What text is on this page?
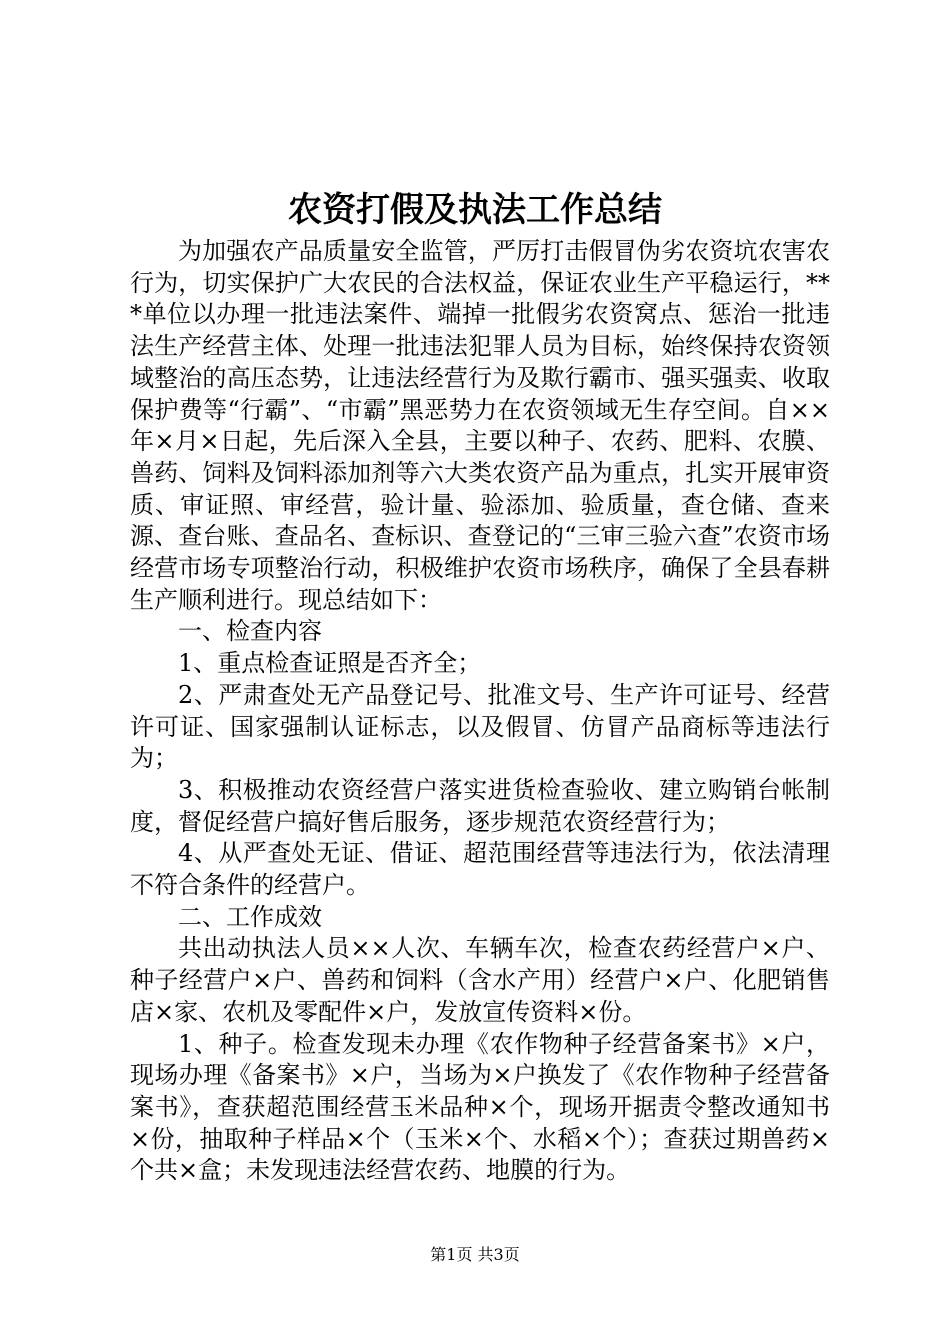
农资打假及执法工作总结

为加强农产品质量安全监管，严厉打击假冒伪劣农资坑农害农行为，切实保护广大农民的合法权益，保证农业生产平稳运行，***单位以办理一批违法案件、端掉一批假劣农资窝点、惩治一批违法生产经营主体、处理一批违法犯罪人员为目标，始终保持农资领域整治的高压态势，让违法经营行为及欺行霸市、强买强卖、收取保护费等“行霸”、“市霸”黑恶势力在农资领域无生存空间。自××年×月×日起，先后深入全县，主要以种子、农药、肥料、农膜、兽药、饲料及饲料添加剂等六大类农资产品为重点，扎实开展审资质、审证照、审经营，验计量、验添加、验质量，查仓储、查来源、查台账、查品名、查标识、查登记的“三审三验六查”农资市场经营市场专项整治行动，积极维护农资市场秩序，确保了全县春耕生产顺利进行。现总结如下：

一、检查内容

1、重点检查证照是否齐全；

2、严肃查处无产品登记号、批准文号、生产许可证号、经营许可证、国家强制认证标志，以及假冒、仿冒产品商标等违法行为；

3、积极推动农资经营户落实进货检查验收、建立购销台帐制度，督促经营户搞好售后服务，逐步规范农资经营行为；

4、从严查处无证、借证、超范围经营等违法行为，依法清理不符合条件的经营户。

二、工作成效

共出动执法人员××人次、车辆车次，检查农药经营户×户、种子经营户×户、兽药和饲料（含水产用）经营户×户、化肥销售店×家、农机及零配件×户，发放宣传资料×份。

1、种子。检查发现未办理《农作物种子经营备案书》×户，现场办理《备案书》×户，当场为×户换发了《农作物种子经营备案书》，查获超范围经营玉米品种×个，现场开据责令整改通知书×份，抽取种子样品×个（玉米×个、水稻×个）；查获过期兽药×个共×盒；未发现违法经营农药、地膜的行为。

第1页 共3页
